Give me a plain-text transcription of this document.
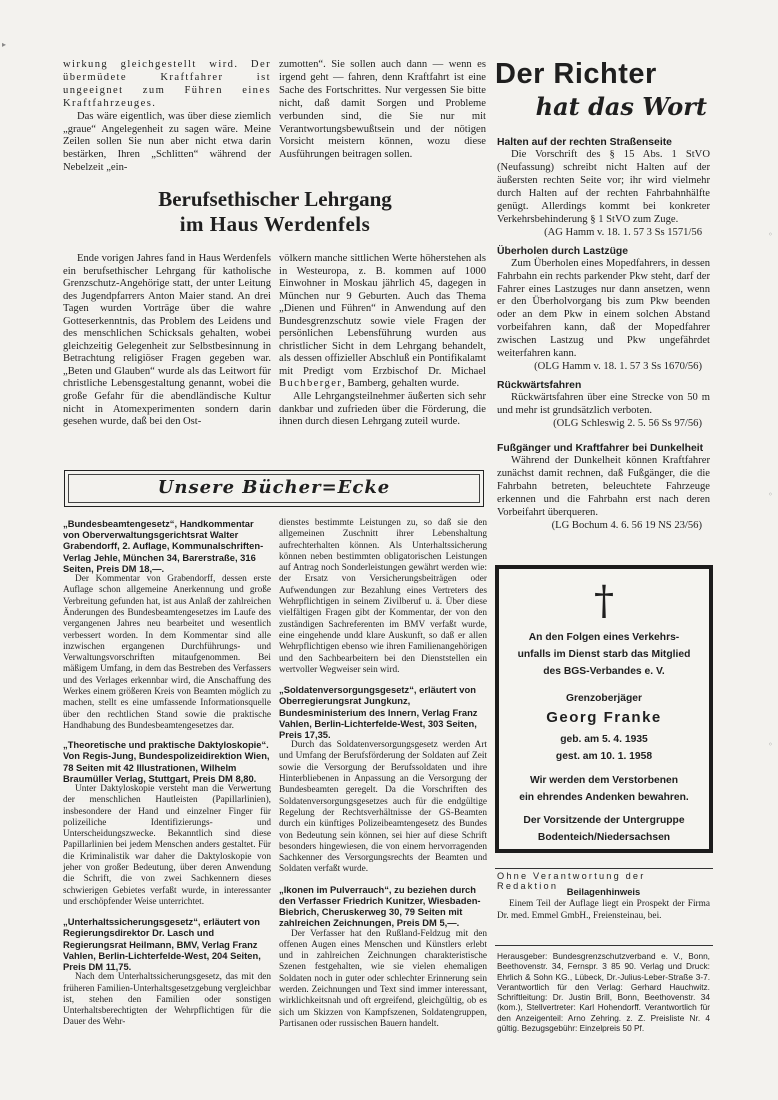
▸
◦
◦
◦

wirkung gleichgestellt wird. Der übermüdete Kraftfahrer ist ungeeignet zum Führen eines Kraftfahrzeuges.

Das wäre eigentlich, was über diese ziemlich „graue“ Angelegenheit zu sagen wäre. Meine Zeilen sollen Sie nun aber nicht etwa darin bestärken, Ihren „Schlitten“ während der Nebelzeit „ein-

zumotten“. Sie sollen auch dann — wenn es irgend geht — fahren, denn Kraftfahrt ist eine Sache des Fortschrittes. Nur vergessen Sie bitte nicht, daß damit Sorgen und Probleme verbunden sind, die Sie nur mit Verantwortungsbewußtsein und der nötigen Vorsicht meistern können, wozu diese Ausführungen beitragen sollen.

Berufsethischer Lehrgang
im Haus Werdenfels

Ende vorigen Jahres fand in Haus Werdenfels ein berufsethischer Lehrgang für katholische Grenzschutz-Angehörige statt, der unter Leitung des Jugendpfarrers Anton Maier stand. An drei Tagen wurden Vorträge über die wahre Gotteserkenntnis, das Problem des Leidens und des menschlichen Schicksals gehalten, wobei gleichzeitig Gelegenheit zur Selbstbesinnung in Betrachtung religiöser Fragen gegeben war. „Beten und Glauben“ wurde als das Leitwort für christliche Lebensgestaltung genannt, wobei die große Gefahr für die abendländische Kultur nicht in Atomexperimenten sondern darin gesehen wurde, daß bei den Ost-

völkern manche sittlichen Werte höherstehen als in Westeuropa, z. B. kommen auf 1000 Einwohner in Moskau jährlich 45, dagegen in München nur 9 Geburten. Auch das Thema „Dienen und Führen“ in Anwendung auf den Bundesgrenzschutz sowie viele Fragen der persönlichen Lebensführung wurden aus christlicher Sicht in dem Lehrgang behandelt, als dessen offizieller Abschluß ein Pontifikalamt mit Predigt vom Erzbischof Dr. Michael Buchberger, Bamberg, gehalten wurde.

Alle Lehrgangsteilnehmer äußerten sich sehr dankbar und zufrieden über die Förderung, die ihnen durch diesen Lehrgang zuteil wurde.

Der Richter
hat das Wort
Halten auf der rechten Straßenseite

Die Vorschrift des § 15 Abs. 1 StVO (Neufassung) schreibt nicht Halten auf der äußersten rechten Seite vor; ihr wird vielmehr durch Halten auf der rechten Fahrbahnhälfte genügt. Allerdings kommt bei konkreter Verkehrsbehinderung § 1 StVO zum Zuge.

(AG Hamm v. 18. 1. 57 3 Ss 1571/56
Überholen durch Lastzüge

Zum Überholen eines Mopedfahrers, in dessen Fahrbahn ein rechts parkender Pkw steht, darf der Fahrer eines Lastzuges nur dann ansetzen, wenn er den Überholvorgang bis zum Pkw beenden oder an dem Pkw in einem solchen Abstand vorbeifahren kann, daß der Mopedfahrer zwischen Lastzug und Pkw ungefährdet weiterfahren kann.

(OLG Hamm v. 18. 1. 57 3 Ss 1670/56)
Rückwärtsfahren

Rückwärtsfahren über eine Strecke von 50 m und mehr ist grundsätzlich verboten.

(OLG Schleswig 2. 5. 56 Ss 97/56)
Fußgänger und Kraftfahrer bei Dunkelheit

Während der Dunkelheit können Kraftfahrer zunächst damit rechnen, daß Fußgänger, die die Fahrbahn betreten, beleuchtete Fahrzeuge erkennen und die Fahrbahn erst nach deren Vorbeifahrt überqueren.

(LG Bochum 4. 6. 56 19 NS 23/56)
Unsere Bücher=Ecke
„Bundesbeamtengesetz“, Handkommentar von Oberverwaltungsgerichtsrat Walter Grabendorff, 2. Auflage, Kommunalschriften-Verlag Jehle, München 34, Barerstraße, 316 Seiten, Preis DM 18,—.

Der Kommentar von Grabendorff, dessen erste Auflage schon allgemeine Anerkennung und große Verbreitung gefunden hat, ist aus Anlaß der zahlreichen Änderungen des Bundesbeamtengesetzes im Laufe des vergangenen Jahres neu bearbeitet und wesentlich verbessert worden. In dem Kommentar sind alle inzwischen ergangenen Durchführungs- und Verwaltungsvorschriften mitaufgenommen. Bei mäßigem Umfang, in dem das Bestreben des Verfassers und des Verlages erkennbar wird, die Anschaffung des Werkes einem größeren Kreis von Beamten möglich zu machen, stellt es eine umfassende Informationsquelle über den rechtlichen Stand sowie die praktische Handhabung des Bundesbeamtengesetzes dar.

„Theoretische und praktische Daktyloskopie“. Von Regis-Jung, Bundespolizeidirektion Wien, 78 Seiten mit 42 Illustrationen, Wilhelm Braumüller Verlag, Stuttgart, Preis DM 8,80.

Unter Daktyloskopie versteht man die Verwertung der menschlichen Hautleisten (Papillarlinien), insbesondere der Hand und einzelner Finger für polizeiliche Identifizierungs- und Unterscheidungszwecke. Bekanntlich sind diese Papillarlinien bei jedem Menschen anders gestaltet. Für die Kriminalistik war daher die Daktyloskopie von jeher von großer Bedeutung, über deren Anwendung die Schrift, die von zwei Sachkennern dieses schwierigen Gebietes verfaßt wurde, in interessanter und erschöpfender Weise unterrichtet.

„Unterhaltssicherungsgesetz“, erläutert von Regierungsdirektor Dr. Lasch und Regierungsrat Heilmann, BMV, Verlag Franz Vahlen, Berlin-Lichterfelde-West, 204 Seiten, Preis DM 11,75.

Nach dem Unterhaltssicherungsgesetz, das mit den früheren Familien-Unterhaltsgesetzgebung vergleichbar ist, stehen den Familien oder sonstigen Unterhaltsberechtigten der Wehrpflichtigen für die Dauer des Wehr-

dienstes bestimmte Leistungen zu, so daß sie den allgemeinen Zuschnitt ihrer Lebenshaltung aufrechterhalten können. Als Unterhaltssicherung können neben bestimmten obligatorischen Leistungen auf Antrag noch Sonderleistungen gewährt werden wie: der Ersatz von Versicherungsbeiträgen oder Aufwendungen zur Bezahlung eines Vertreters des Wehrpflichtigen in seinem Zivilberuf u. ä. Über diese vielfältigen Fragen gibt der Kommentar, der von den zuständigen Sachreferenten im BMV verfaßt wurde, eine eingehende undd klare Auskunft, so daß er allen Wehrpflichtigen ebenso wie ihren Familienangehörigen und den Sachbearbeitern bei den Dienststellen ein wertvoller Wegweiser sein wird.

„Soldatenversorgungsgesetz“, erläutert von Oberregierungsrat Jungkunz, Bundesministerium des Innern, Verlag Franz Vahlen, Berlin-Lichterfelde-West, 303 Seiten, Preis 17,35.

Durch das Soldatenversorgungsgesetz werden Art und Umfang der Berufsförderung der Soldaten auf Zeit sowie die Versorgung der Berufssoldaten und ihre Hinterbliebenen in Anpassung an die Versorgung der Bundesbeamten geregelt. Da die Vorschriften des Soldatenversorgungsgesetzes auch für die endgültige Regelung der Rechtsverhältnisse der GS-Beamten durch ein künftiges Polizeibeamtengesetz des Bundes von Bedeutung sein können, sei hier auf diese Schrift besonders hingewiesen, die von einem hervorragenden Sachkenner des Versorgungsrechts der Beamten und Soldaten verfaßt wurde.

„Ikonen im Pulverrauch“, zu beziehen durch den Verfasser Friedrich Kunitzer, Wiesbaden-Biebrich, Cheruskerweg 30, 79 Seiten mit zahlreichen Zeichnungen, Preis DM 5,—.

Der Verfasser hat den Rußland-Feldzug mit den offenen Augen eines Menschen und Künstlers erlebt und in zahlreichen Zeichnungen charakteristische Szenen festgehalten, wie sie vielen ehemaligen Soldaten noch in guter oder schlechter Erinnerung sein werden. Zeichnungen und Text sind immer interessant, wirklichkeitsnah und oft ergreifend, gleichgültig, ob es sich um Skizzen von Kampfszenen, Soldatengruppen, Partisanen oder russischen Bauern handelt.

†
An den Folgen eines Verkehrs-
unfalls im Dienst starb das Mitglied
des BGS-Verbandes e. V.
Grenzoberjäger
Georg Franke
geb. am 5. 4. 1935
gest. am 10. 1. 1958
Wir werden dem Verstorbenen
ein ehrendes Andenken bewahren.
Der Vorsitzende der Untergruppe
Bodenteich/Niedersachsen
Ohne Verantwortung der Redaktion Beilagenhinweis

Einem Teil der Auflage liegt ein Prospekt der Firma Dr. med. Emmel GmbH., Freiensteinau, bei.

Herausgeber: Bundesgrenzschutzverband e. V., Bonn, Beethovenstr. 34, Fernspr. 3 85 90. Verlag und Druck: Ehrlich & Sohn KG., Lübeck, Dr.-Julius-Leber-Straße 3-7. Verantwortlich für den Verlag: Gerhard Hauchwitz. Schriftleitung: Dr. Justin Brill, Bonn, Beethovenstr. 34 (kom.), Stellvertreter: Karl Hohendorff. Verantwortlich für den Anzeigenteil: Arno Zehring. z. Z. Preisliste Nr. 4 gültig. Bezugsgebühr: Einzelpreis 50 Pf.
